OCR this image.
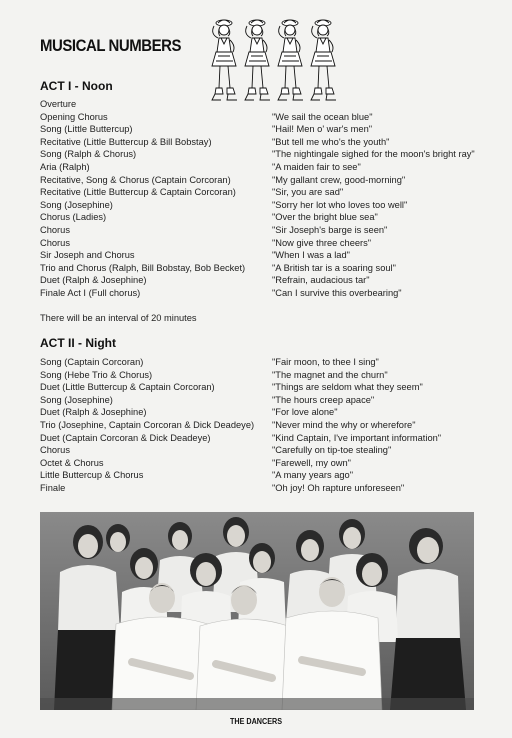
MUSICAL NUMBERS
ACT I - Noon
Overture
Opening Chorus	"We sail the ocean blue"
Song (Little Buttercup)	"Hail! Men o' war's men"
Recitative (Little Buttercup & Bill Bobstay)	"But tell me who's the youth"
Song (Ralph & Chorus)	"The nightingale sighed for the moon's bright ray"
Aria (Ralph)	"A maiden fair to see"
Recitative, Song & Chorus (Captain Corcoran)	"My gallant crew, good-morning"
Recitative (Little Buttercup & Captain Corcoran)	"Sir, you are sad"
Song (Josephine)	"Sorry her lot who loves too well"
Chorus (Ladies)	"Over the bright blue sea"
Chorus	"Sir Joseph's barge is seen"
Chorus	"Now give three cheers"
Sir Joseph and Chorus	"When I was a lad"
Trio and Chorus (Ralph, Bill Bobstay, Bob Becket)	"A British tar is a soaring soul"
Duet (Ralph & Josephine)	"Refrain, audacious tar"
Finale Act I (Full chorus)	"Can I survive this overbearing"
There will be an interval of 20 minutes
ACT II - Night
Song (Captain Corcoran)	"Fair moon, to thee I sing"
Song (Hebe Trio & Chorus)	"The magnet and the churn"
Duet (Little Buttercup & Captain Corcoran)	"Things are seldom what they seem"
Song (Josephine)	"The hours creep apace"
Duet (Ralph & Josephine)	"For love alone"
Trio (Josephine, Captain Corcoran & Dick Deadeye) "Never mind the why or wherefore"
Duet (Captain Corcoran & Dick Deadeye)	"Kind Captain, I've important information"
Chorus	"Carefully on tip-toe stealing"
Octet & Chorus	"Farewell, my own"
Little Buttercup & Chorus	"A many years ago"
Finale	"Oh joy! Oh rapture unforeseen"
THE DANCERS
